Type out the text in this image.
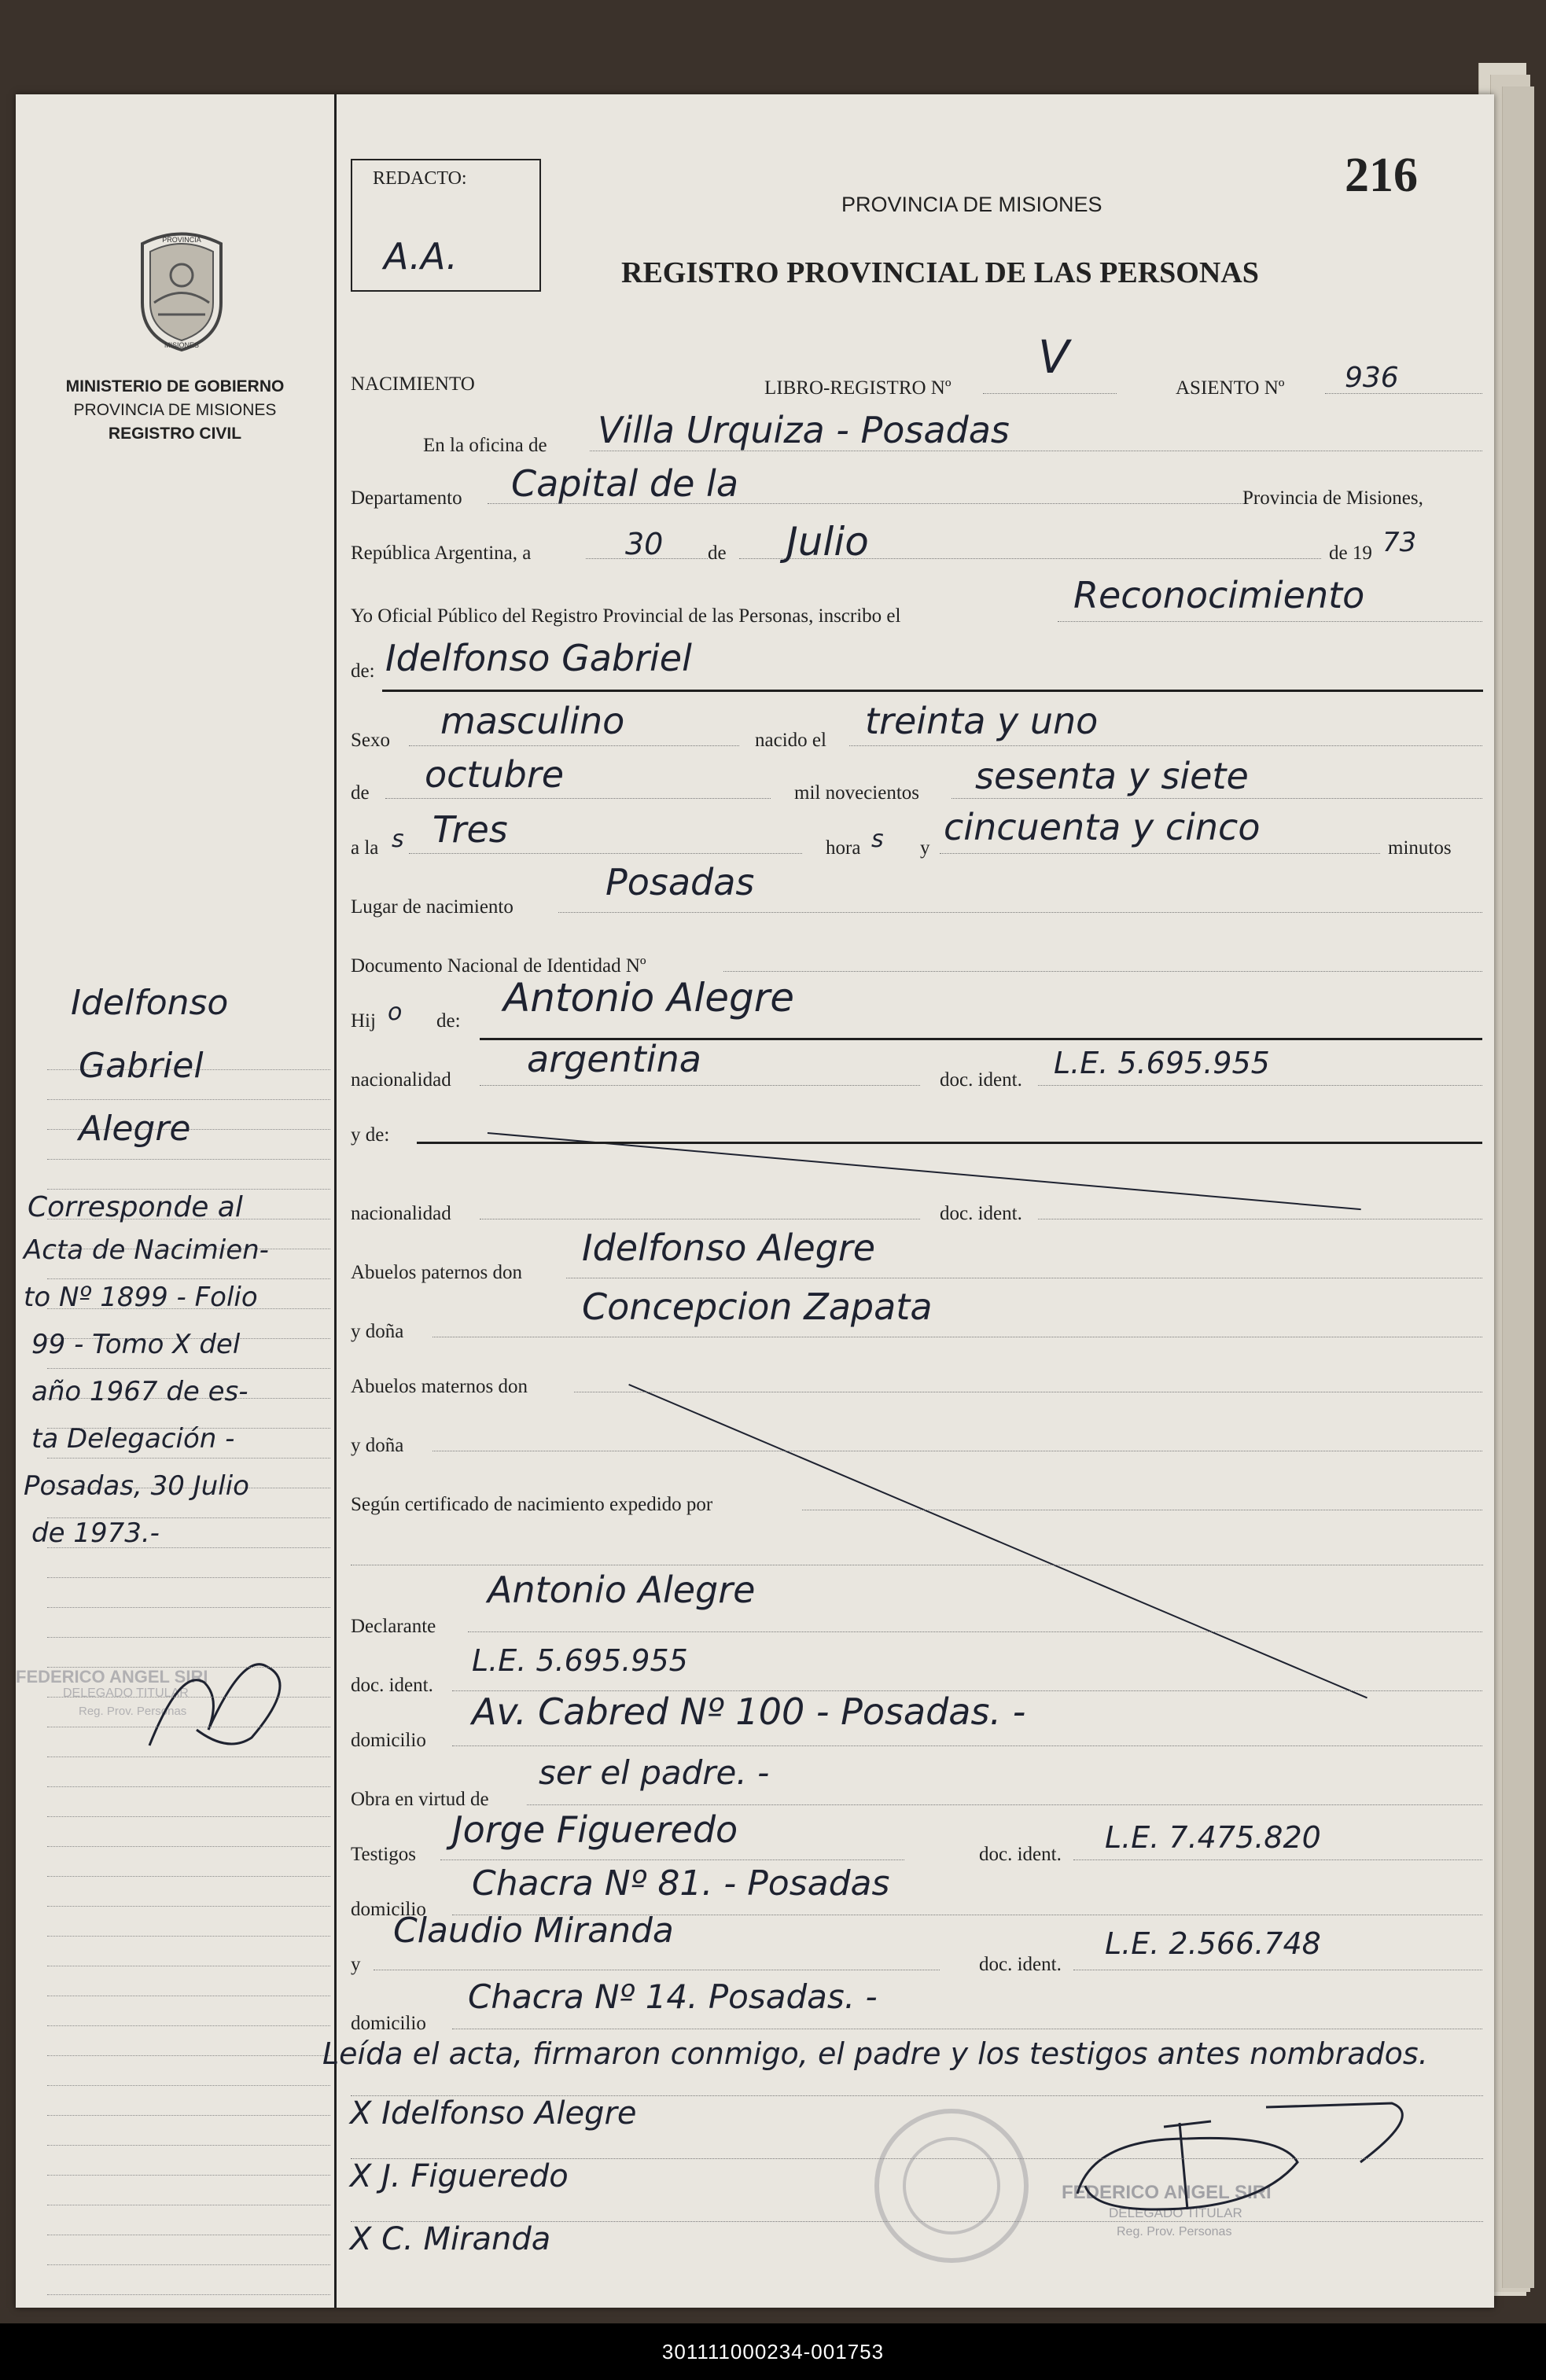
PROVINCIA
MISIONES
MINISTERIO DE GOBIERNO
PROVINCIA DE MISIONES
REGISTRO CIVIL
FEDERICO ANGEL SIRI
DELEGADO TITULAR
Reg. Prov. Personas
Idelfonso
Gabriel
Alegre
Corresponde al
Acta de Nacimien-
to Nº 1899 - Folio
99 - Tomo X del
año 1967 de es-
ta Delegación -
Posadas, 30 Julio
de 1973.-
REDACTO:
A.A.
216
PROVINCIA DE MISIONES
REGISTRO PROVINCIAL DE LAS PERSONAS
X Idelfonso Alegre
X J. Figueredo
X C. Miranda
FEDERICO ANGEL SIRI
DELEGADO TITULAR
Reg. Prov. Personas
NACIMIENTO	LIBRO-REGISTRO Nº
V
ASIENTO Nº 936
En la oficina de Villa Urquiza - Posadas
Departamento Capital de la	Provincia de Misiones,
República Argentina, a	30 de Julio	de 19 73
Yo Oficial Público del Registro Provincial de las Personas, inscribo el	Reconocimiento
de: Idelfonso Gabriel
Sexo masculino	nacido el treinta y uno
de octubre	mil novecientos sesenta y siete
a la s Tres	hora s y cincuenta y cinco	minutos
Lugar de nacimiento
Posadas
Documento Nacional de Identidad Nº
Hij o de:
Antonio Alegre
nacionalidad argentina	doc. ident. L.E. 5.695.955
y de:
nacionalidad	doc. ident.
Abuelos paternos don
Idelfonso Alegre
y doña
Concepcion Zapata
Abuelos maternos don
y doña
Según certificado de nacimiento expedido por
Declarante
Antonio Alegre
doc. ident.
L.E. 5.695.955
domicilio
Av. Cabred Nº 100 - Posadas. -
Obra en virtud de
ser el padre. -
Testigos
Jorge Figueredo
doc. ident. L.E. 7.475.820
domicilio
Chacra Nº 81. - Posadas
y
Claudio Miranda
doc. ident.
L.E. 2.566.748
domicilio
Chacra Nº 14. Posadas. -
Leída el acta, firmaron conmigo, el padre y los testigos antes nombrados.
301111000234-001753
